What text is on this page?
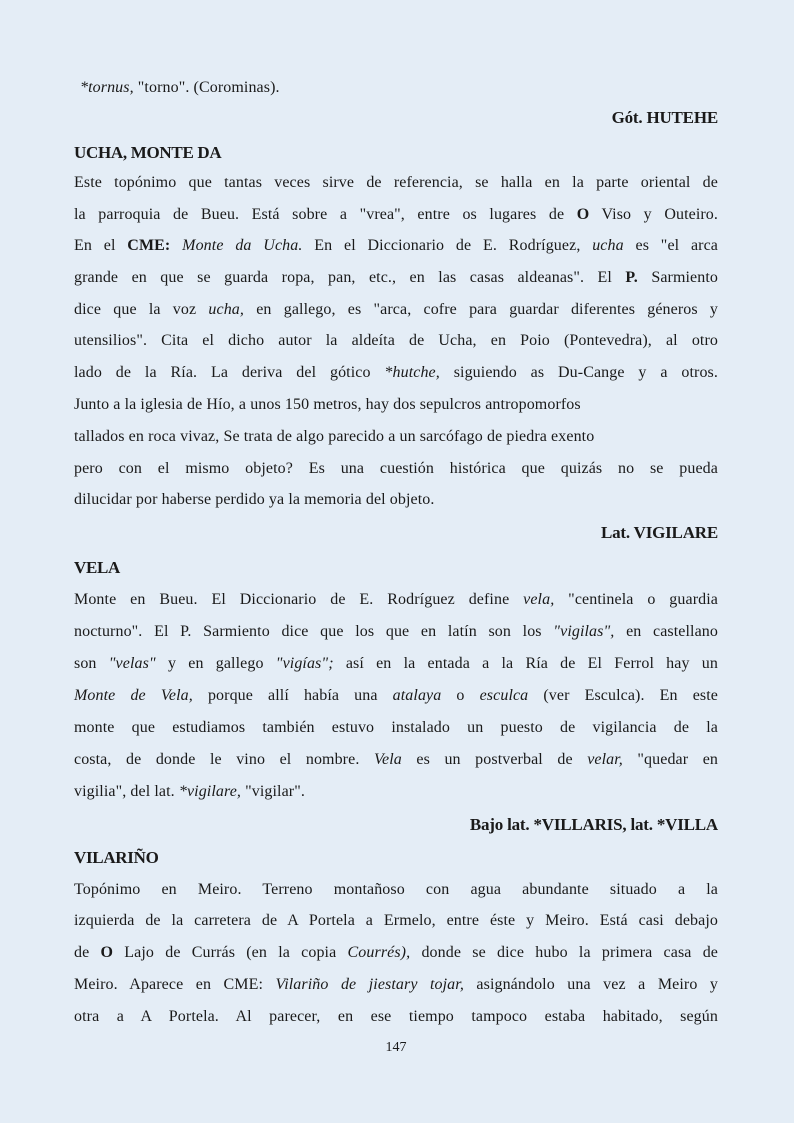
*tornus, "torno". (Corominas).
Gót. HUTEHE
UCHA, MONTE DA
Este topónimo que tantas veces sirve de referencia, se halla en la parte oriental de
la parroquia de Bueu. Está sobre a "vrea", entre os lugares de O Viso y Outeiro.
En el CME: Monte da Ucha. En el Diccionario de E. Rodríguez, ucha es "el arca
grande en que se guarda ropa, pan, etc., en las casas aldeanas". El P. Sarmiento
dice que la voz ucha, en gallego, es "arca, cofre para guardar diferentes géneros y
utensilios". Cita el dicho autor la aldeíta de Ucha, en Poio (Pontevedra), al otro
lado de la Ría. La deriva del gótico *hutche, siguiendo as Du-Cange y a otros.
Junto a la iglesia de Hío, a unos 150 metros, hay dos sepulcros antropomorfos
tallados en roca vivaz, Se trata de algo parecido a un sarcófago de piedra exento
pero con el mismo objeto? Es una cuestión histórica que quizás no se pueda
dilucidar por haberse perdido ya la memoria del objeto.
Lat. VIGILARE
VELA
Monte en Bueu. El Diccionario de E. Rodríguez define vela, "centinela o guardia
nocturno". El P. Sarmiento dice que los que en latín son los "vigilas", en castellano
son "velas" y en gallego "vigías"; así en la entada a la Ría de El Ferrol hay un
Monte de Vela, porque allí había una atalaya o esculca (ver Esculca). En este
monte que estudiamos también estuvo instalado un puesto de vigilancia de la
costa, de donde le vino el nombre. Vela es un postverbal de velar, "quedar en
vigilia", del lat. *vigilare, "vigilar".
Bajo lat. *VILLARIS, lat. *VILLA
VILARIÑO
Topónimo en Meiro. Terreno montañoso con agua abundante situado a la
izquierda de la carretera de A Portela a Ermelo, entre éste y Meiro. Está casi debajo
de O Lajo de Currás (en la copia Courrés), donde se dice hubo la primera casa de
Meiro. Aparece en CME: Vilariño de jiestary tojar, asignándolo una vez a Meiro y
otra a A Portela. Al parecer, en ese tiempo tampoco estaba habitado, según
147
